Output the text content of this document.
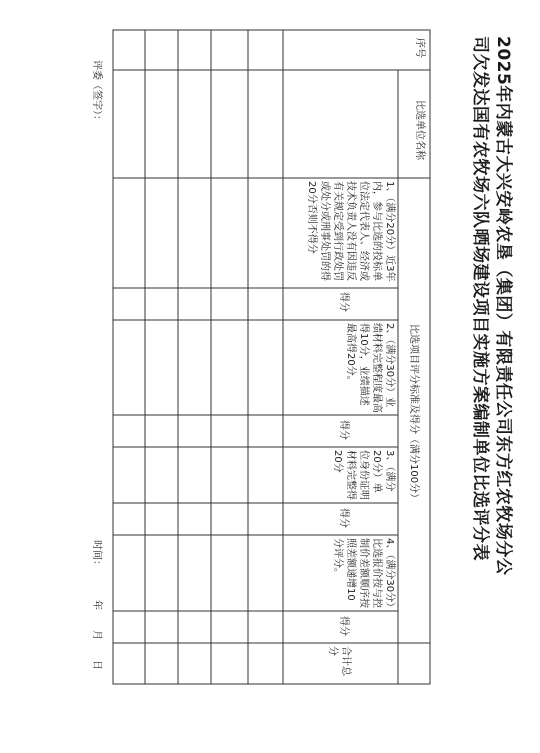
2025年内蒙古大兴安岭农垦（集团）有限责任公司东方红农牧场分公
司欠发达国有农牧场六队晒场建设项目实施方案编制单位比选评分表
序号
比选单位名称
比选项目评分标准及得分（满分100分）
1、（满分20分）近3年内，参与比选的投标单位法定代表人、经济或技术负责人没有因违反有关规定受到行政处罚或处分或刑事处罚的得20分否则不得分
得分
2、（满分30分）业绩材料完整程度最高得10分，业绩描述最高得20分。
得分
3、（满分20分）单位身份证明材料完整得20分
得分
4、（满分30分）比选报价按与控制价差额顺序按照差额递增10分评分。
得分
合计总分
评委（签字）：
时间：
年
月
日
